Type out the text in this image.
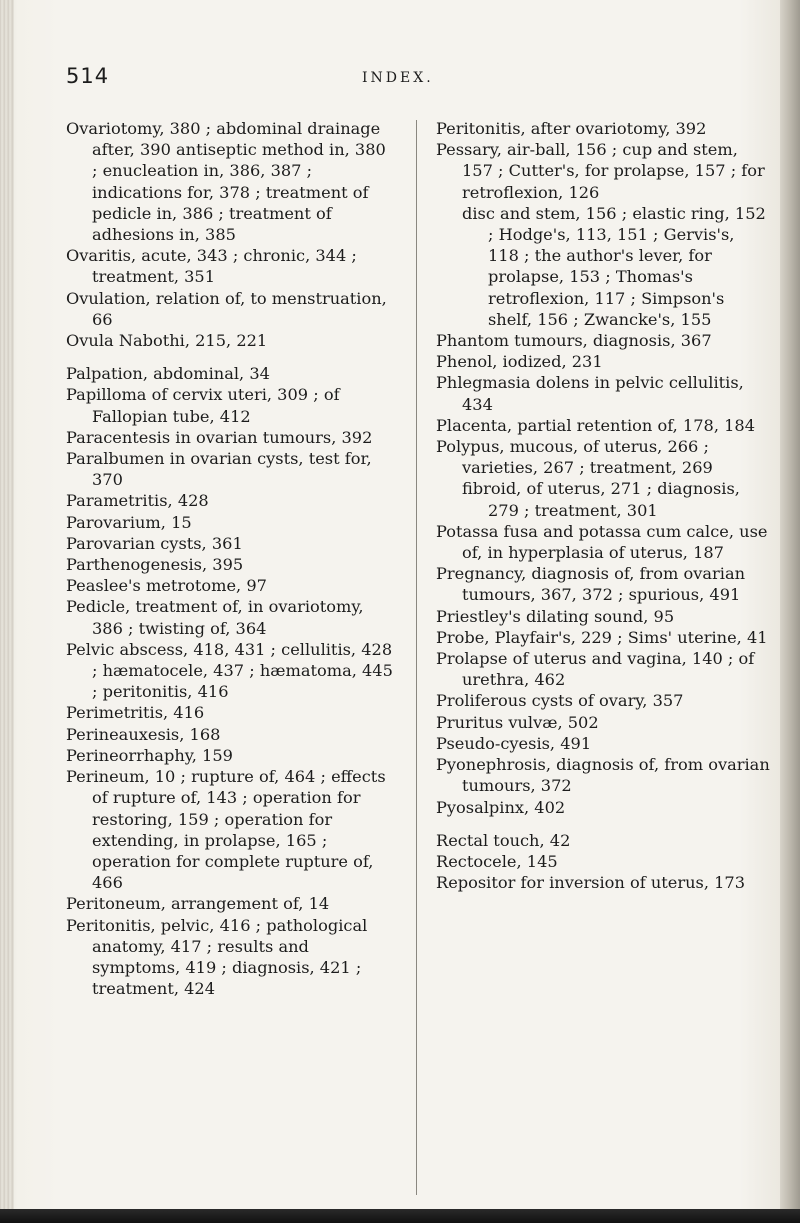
514	INDEX.

Ovariotomy, 380 ; abdominal drainage after, 390 antiseptic method in, 380 ; enucleation in, 386, 387 ; indications for, 378 ; treatment of pedicle in, 386 ; treatment of adhesions in, 385

Ovaritis, acute, 343 ; chronic, 344 ; treatment, 351

Ovulation, relation of, to menstruation, 66

Ovula Nabothi, 215, 221

Palpation, abdominal, 34

Papilloma of cervix uteri, 309 ; of Fallopian tube, 412

Paracentesis in ovarian tumours, 392

Paralbumen in ovarian cysts, test for, 370

Parametritis, 428

Parovarium, 15

Parovarian cysts, 361

Parthenogenesis, 395

Peaslee's metrotome, 97

Pedicle, treatment of, in ovariotomy, 386 ; twisting of, 364

Pelvic abscess, 418, 431 ; cellulitis, 428 ; hæmatocele, 437 ; hæmatoma, 445 ; peritonitis, 416

Perimetritis, 416

Perineauxesis, 168

Perineorrhaphy, 159

Perineum, 10 ; rupture of, 464 ; effects of rupture of, 143 ; operation for restoring, 159 ; operation for extending, in prolapse, 165 ; operation for complete rupture of, 466

Peritoneum, arrangement of, 14

Peritonitis, pelvic, 416 ; pathological anatomy, 417 ; results and symptoms, 419 ; diagnosis, 421 ; treatment, 424

Peritonitis, after ovariotomy, 392

Pessary, air-ball, 156 ; cup and stem, 157 ; Cutter's, for prolapse, 157 ; for retroflexion, 126

disc and stem, 156 ; elastic ring, 152 ; Hodge's, 113, 151 ; Gervis's, 118 ; the author's lever, for prolapse, 153 ; Thomas's retroflexion, 117 ; Simpson's shelf, 156 ; Zwancke's, 155

Phantom tumours, diagnosis, 367

Phenol, iodized, 231

Phlegmasia dolens in pelvic cellulitis, 434

Placenta, partial retention of, 178, 184

Polypus, mucous, of uterus, 266 ; varieties, 267 ; treatment, 269

fibroid, of uterus, 271 ; diagnosis, 279 ; treatment, 301

Potassa fusa and potassa cum calce, use of, in hyperplasia of uterus, 187

Pregnancy, diagnosis of, from ovarian tumours, 367, 372 ; spurious, 491

Priestley's dilating sound, 95

Probe, Playfair's, 229 ; Sims' uterine, 41

Prolapse of uterus and vagina, 140 ; of urethra, 462

Proliferous cysts of ovary, 357

Pruritus vulvæ, 502

Pseudo-cyesis, 491

Pyonephrosis, diagnosis of, from ovarian tumours, 372

Pyosalpinx, 402

Rectal touch, 42

Rectocele, 145

Repositor for inversion of uterus, 173
